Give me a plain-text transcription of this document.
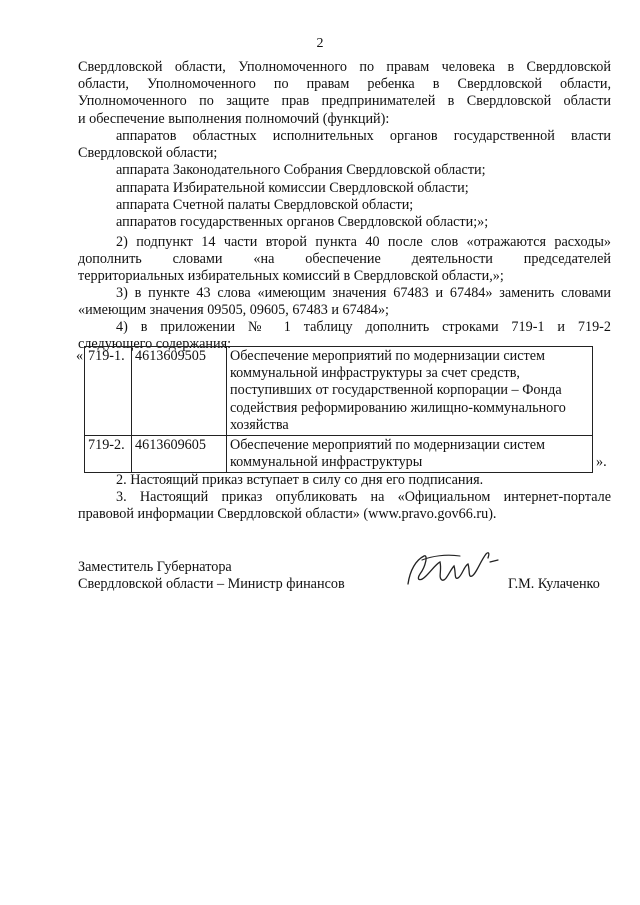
2
Свердловской области, Уполномоченного по правам человека в Свердловской
области, Уполномоченного по правам ребенка в Свердловской области,
Уполномоченного по защите прав предпринимателей в Свердловской области
и обеспечение выполнения полномочий (функций):
аппаратов областных исполнительных органов государственной власти
Свердловской области;
аппарата Законодательного Собрания Свердловской области;
аппарата Избирательной комиссии Свердловской области;
аппарата Счетной палаты Свердловской области;
аппаратов государственных органов Свердловской области;»;
2) подпункт 14 части второй пункта 40 после слов «отражаются расходы»
дополнить словами «на обеспечение деятельности председателей
территориальных избирательных комиссий в Свердловской области,»;
3) в пункте 43 слова «имеющим значения 67483 и 67484» заменить словами
«имеющим значения 09505, 09605, 67483 и 67484»;
4) в приложении № 1 таблицу дополнить строками 719-1 и 719-2
следующего содержания:
« 719-1.	4613609505	Обеспечение мероприятий по модернизации систем коммунальной инфраструктуры за счет средств, поступивших от государственной корпорации – Фонда содействия реформированию жилищно-коммунального хозяйства
719-2.	4613609605	Обеспечение мероприятий по модернизации систем коммунальной инфраструктуры	».
2. Настоящий приказ вступает в силу со дня его подписания.
3. Настоящий приказ опубликовать на «Официальном интернет-портале
правовой информации Свердловской области» (www.pravo.gov66.ru).
Заместитель Губернатора
Свердловской области – Министр финансов	Г.М. Кулаченко
